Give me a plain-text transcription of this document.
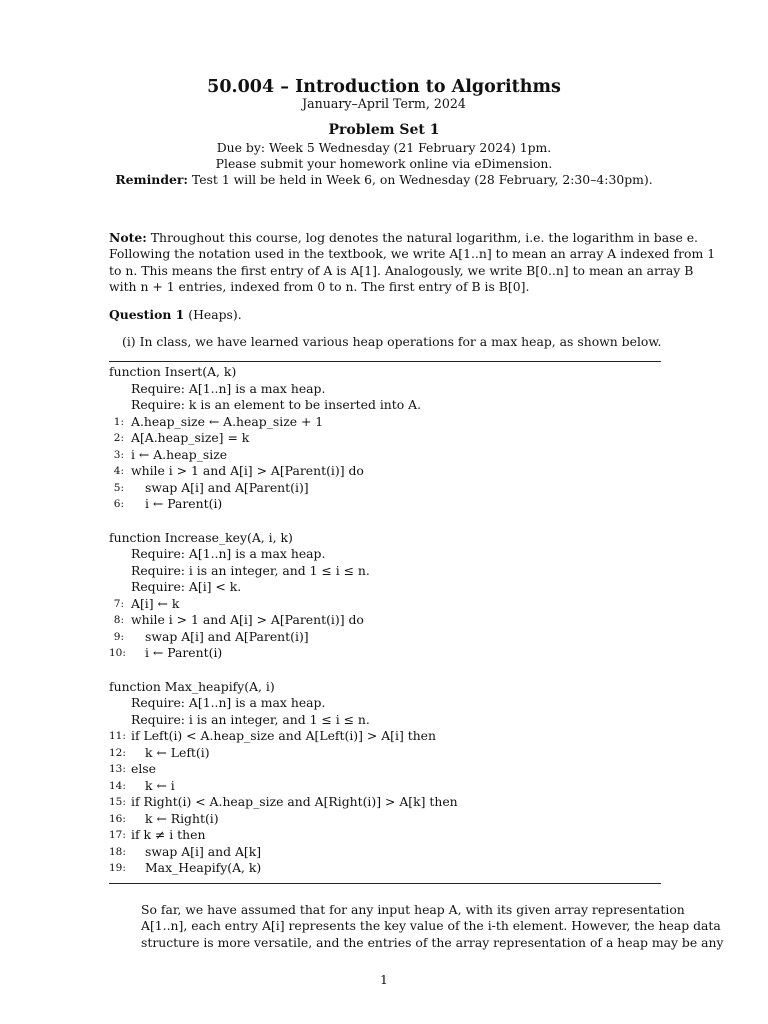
50.004 – Introduction to Algorithms
January–April Term, 2024
Problem Set 1
Due by: Week 5 Wednesday (21 February 2024) 1pm.
Please submit your homework online via eDimension.
Reminder: Test 1 will be held in Week 6, on Wednesday (28 February, 2:30–4:30pm).
Note: Throughout this course, log denotes the natural logarithm, i.e. the logarithm in base e.
Following the notation used in the textbook, we write A[1..n] to mean an array A indexed from 1
to n. This means the first entry of A is A[1]. Analogously, we write B[0..n] to mean an array B
with n + 1 entries, indexed from 0 to n. The first entry of B is B[0].
Question 1 (Heaps).
(i) In class, we have learned various heap operations for a max heap, as shown below.
function Insert(A, k)
Require: A[1..n] is a max heap.
Require: k is an element to be inserted into A.
1: A.heap_size ← A.heap_size + 1
2: A[A.heap_size] = k
3: i ← A.heap_size
4: while i > 1 and A[i] > A[Parent(i)] do
5: swap A[i] and A[Parent(i)]
6: i ← Parent(i)
function Increase_key(A, i, k)
Require: A[1..n] is a max heap.
Require: i is an integer, and 1 ≤ i ≤ n.
Require: A[i] < k.
7: A[i] ← k
8: while i > 1 and A[i] > A[Parent(i)] do
9: swap A[i] and A[Parent(i)]
10: i ← Parent(i)
function Max_heapify(A, i)
Require: A[1..n] is a max heap.
Require: i is an integer, and 1 ≤ i ≤ n.
11: if Left(i) < A.heap_size and A[Left(i)] > A[i] then
12: k ← Left(i)
13: else
14: k ← i
15: if Right(i) < A.heap_size and A[Right(i)] > A[k] then
16: k ← Right(i)
17: if k ≠ i then
18: swap A[i] and A[k]
19: Max_Heapify(A, k)
So far, we have assumed that for any input heap A, with its given array representation
A[1..n], each entry A[i] represents the key value of the i-th element. However, the heap data
structure is more versatile, and the entries of the array representation of a heap may be any
1
